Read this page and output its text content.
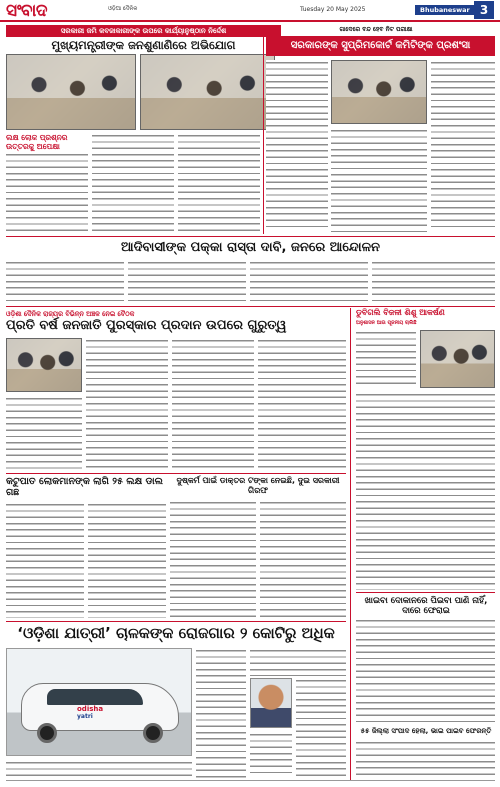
ସଂବାଦ	ଓଡ଼ିଆ ଦୈନିକ	Tuesday 20 May 2025	Bhubaneswar 3
ସରକାରୀ ଜମି କବଜାକାରୀଙ୍କ ଉପରେ କାର୍ଯ୍ୟାନୁଷ୍ଠାନ ନିର୍ଦ୍ଦେଶ
ମୁଖ୍ୟମନ୍ତ୍ରୀଙ୍କ ଜନଶୁଣାଣିରେ ଅଭିଯୋଗ
ଲକ୍ଷ ଲୋକ ପ୍ରଶ୍ନର ଉତ୍ତରକୁ ଅପେକ୍ଷା
ଗାଦେରେ ବନ୍ଦ ହେବ ନିଟ ପରୀକ୍ଷା
ସରକାରଙ୍କ ସୁପ୍ରିମକୋର୍ଟ କମିଟିଙ୍କ ପ୍ରଶଂସା
ଆଦିବାସୀଙ୍କ ପକ୍କା ରାସ୍ତା ଦାବି, ଜନରେ ଆନ୍ଦୋଳନ
ଓଡ଼ିଶା ଦୈନିକ ରାଜ୍ୟର ବିଭିନ୍ନ ଅଞ୍ଚଳ ନେଇ ବୈଠକ
ପ୍ରତି ବର୍ଷ ଜନଜାତି ପୁରସ୍କାର ପ୍ରଦାନ ଉପରେ ଗୁରୁତ୍ୱ
ଡୁବିଗଲି ବିଜଳୀ ଶିଶୁ ଆକର୍ଷଣ
ଅନୁଶାସନ ଆଉ ପୂଜନୀୟ ଚାଲିଛି
କଟୁପାତ ଲୋକମାନଙ୍କ ଲାଗି ୨୫ ଲକ୍ଷ ଡାଲ ଗଛ
ଦୁଷ୍କର୍ମ ପାଇଁ ଡାକ୍ତର ଟଙ୍କା ନେଇଛି, ଦୁଇ ସରକାରୀ ଗିରଫ
ଖାଇବା ଦୋକାନରେ ପିଇବା ପାଣି ନାହିଁ, ଦାରେ ଫେରାଇ
୫୫ ଜିଲ୍ଲା ସଂପାଦ ହେଲା, ଭାଇ ପାଇବ ଫେରନ୍ତି
‘ଓଡ଼ିଶା ଯାତ୍ରୀ’ ଚାଳକଙ୍କ ରୋଜଗାର ୨ କୋଟିରୁ ଅଧିକ
odisha
yatri
